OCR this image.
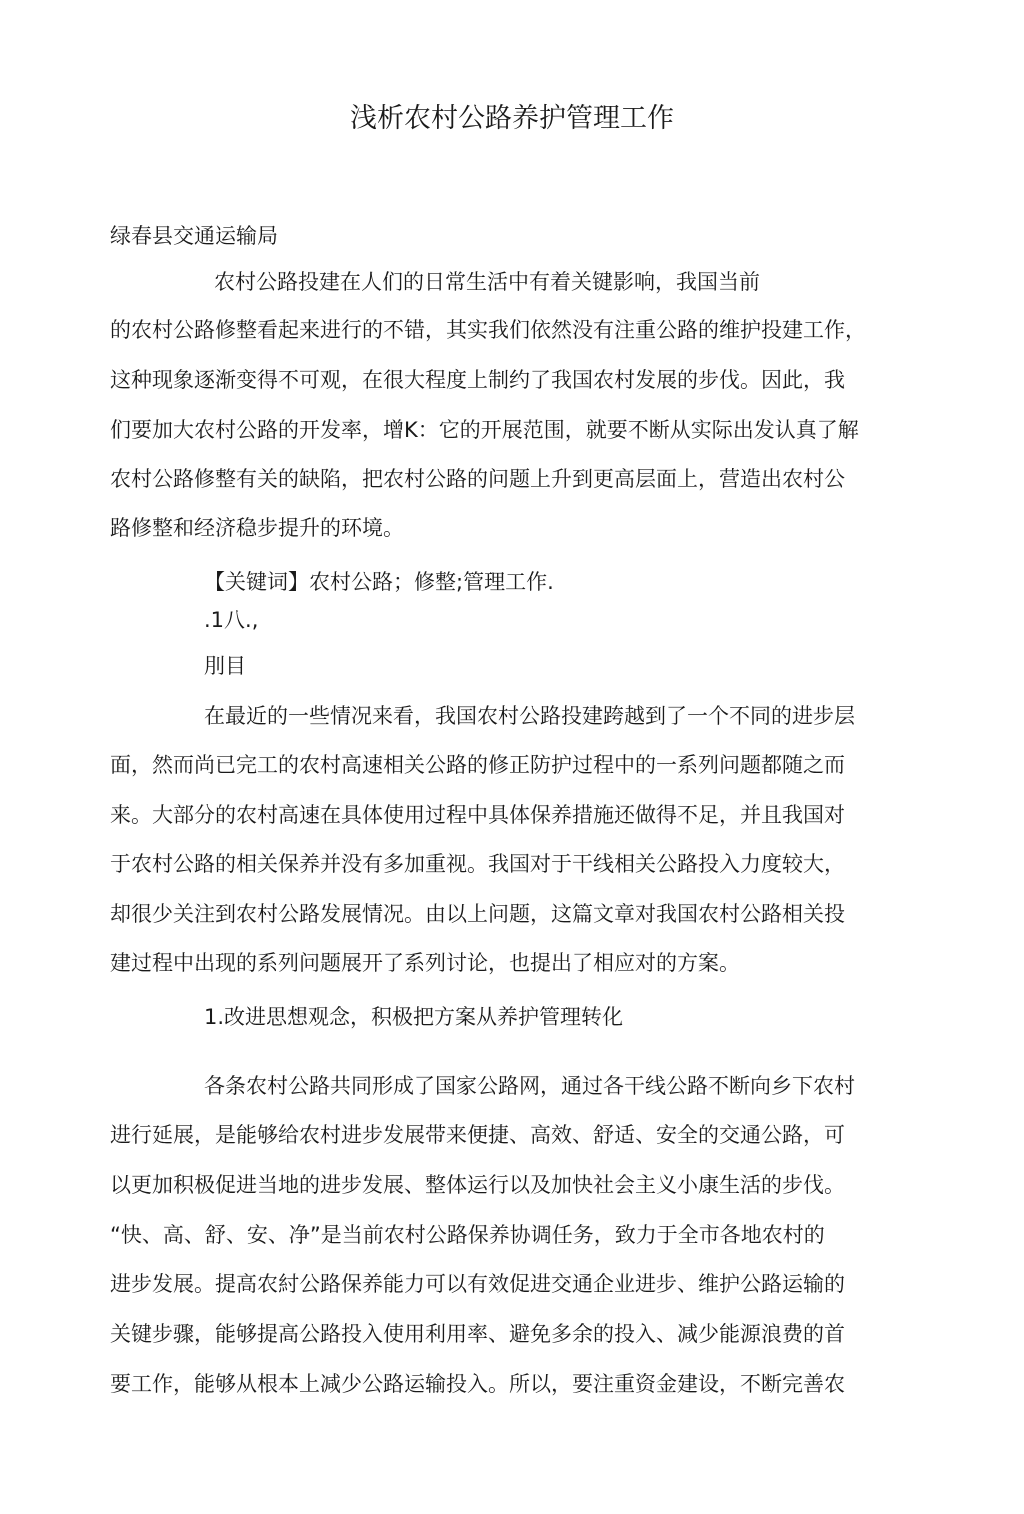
浅析农村公路养护管理工作
绿春县交通运输局
农村公路投建在人们的日常生活中有着关键影响，我国当前
的农村公路修整看起来进行的不错，其实我们依然没有注重公路的维护投建工作，
这种现象逐渐变得不可观，在很大程度上制约了我国农村发展的步伐。因此，我
们要加大农村公路的开发率，增K：它的开展范围，就要不断从实际出发认真了解
农村公路修整有关的缺陷，把农村公路的问题上升到更高层面上，营造出农村公
路修整和经济稳步提升的环境。
【关键词】农村公路；修整;管理工作.
.1八.,
刖目
在最近的一些情况来看，我国农村公路投建跨越到了一个不同的进步层
面，然而尚已完工的农村高速相关公路的修正防护过程中的一系列问题都随之而
来。大部分的农村高速在具体使用过程中具体保养措施还做得不足，并且我国对
于农村公路的相关保养并没有多加重视。我国对于干线相关公路投入力度较大，
却很少关注到农村公路发展情况。由以上问题，这篇文章对我国农村公路相关投
建过程中出现的系列问题展开了系列讨论，也提出了相应对的方案。
1.改进思想观念，积极把方案从养护管理转化
各条农村公路共同形成了国家公路网，通过各干线公路不断向乡下农村
进行延展，是能够给农村进步发展带来便捷、高效、舒适、安全的交通公路，可
以更加积极促进当地的进步发展、整体运行以及加快社会主义小康生活的步伐。
“快、高、舒、安、净”是当前农村公路保养协调任务，致力于全市各地农村的
进步发展。提高农紂公路保养能力可以有效促进交通企业进步、维护公路运输的
关键步骤，能够提高公路投入使用利用率、避免多余的投入、减少能源浪费的首
要工作，能够从根本上减少公路运输投入。所以，要注重资金建设，不断完善农
